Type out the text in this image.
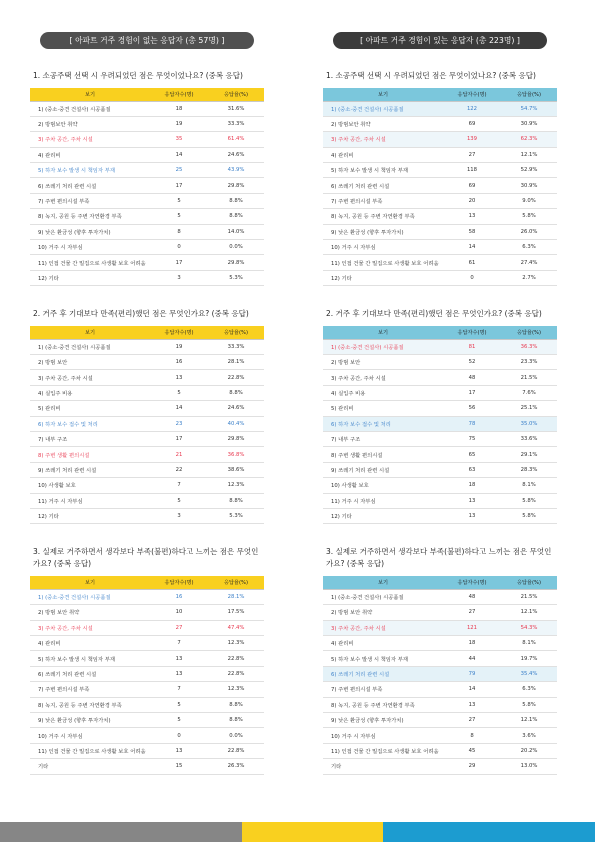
[ 아파트 거주 경험이 없는 응답자 (총 57명) ]
1. 소공주택 선택 시 우려되었던 점은 무엇이었나요? (중복 응답)
보기	응답자수(명)	응답율(%)
1) (중소·중견 건설사) 시공품질	18	31.6%
2) 방범보안 취약	19	33.3%
3) 주차 공간, 주차 시설	35	61.4%
4) 관리비	14	24.6%
5) 하자 보수 발생 시 책임자 부재	25	43.9%
6) 쓰레기 처리 관련 시설	17	29.8%
7) 주변 편의시설 부족	5	8.8%
8) 녹지, 공원 등 주변 자연환경 부족	5	8.8%
9) 낮은 환금성 (향후 투자가치)	8	14.0%
10) 거주 시 자부심	0	0.0%
11) 인접 건물 간 밀집으로 사생활 보호 어려움	17	29.8%
12) 기타	3	5.3%
2. 거주 후 기대보다 만족(편리)했던 점은 무엇인가요? (중복 응답)
보기	응답자수(명)	응답율(%)
1) (중소·중견 건설사) 시공품질	19	33.3%
2) 방범 보안	16	28.1%
3) 주차 공간, 주차 시설	13	22.8%
4) 실입주 비용	5	8.8%
5) 관리비	14	24.6%
6) 하자 보수 접수 및 처리	23	40.4%
7) 내부 구조	17	29.8%
8) 주변 생활 편의시설	21	36.8%
9) 쓰레기 처리 관련 시설	22	38.6%
10) 사생활 보호	7	12.3%
11) 거주 시 자부심	5	8.8%
12) 기타	3	5.3%
3. 실제로 거주하면서 생각보다 부족(불편)하다고 느끼는 점은 무엇인가요? (중복 응답)
보기	응답자수(명)	응답율(%)
1) (중소·중견 건설사) 시공품질	16	28.1%
2) 방범 보안 취약	10	17.5%
3) 주차 공간, 주차 시설	27	47.4%
4) 관리비	7	12.3%
5) 하자 보수 발생 시 책임자 부재	13	22.8%
6) 쓰레기 처리 관련 시설	13	22.8%
7) 주변 편의시설 부족	7	12.3%
8) 녹지, 공원 등 주변 자연환경 부족	5	8.8%
9) 낮은 환금성 (향후 투자가치)	5	8.8%
10) 거주 시 자부심	0	0.0%
11) 인접 건물 간 밀집으로 사생활 보호 어려움	13	22.8%
기타	15	26.3%
[ 아파트 거주 경험이 있는 응답자 (총 223명) ]
1. 소공주택 선택 시 우려되었던 점은 무엇이었나요? (중복 응답)
보기	응답자수(명)	응답율(%)
1) (중소·중견 건설사) 시공품질	122	54.7%
2) 방범보안 취약	69	30.9%
3) 주차 공간, 주차 시설	139	62.3%
4) 관리비	27	12.1%
5) 하자 보수 발생 시 책임자 부재	118	52.9%
6) 쓰레기 처리 관련 시설	69	30.9%
7) 주변 편의시설 부족	20	9.0%
8) 녹지, 공원 등 주변 자연환경 부족	13	5.8%
9) 낮은 환금성 (향후 투자가치)	58	26.0%
10) 거주 시 자부심	14	6.3%
11) 인접 건물 간 밀집으로 사생활 보호 어려움	61	27.4%
12) 기타	0	2.7%
2. 거주 후 기대보다 만족(편리)했던 점은 무엇인가요? (중복 응답)
보기	응답자수(명)	응답율(%)
1) (중소·중견 건설사) 시공품질	81	36.3%
2) 방범 보안	52	23.3%
3) 주차 공간, 주차 시설	48	21.5%
4) 실입주 비용	17	7.6%
5) 관리비	56	25.1%
6) 하자 보수 접수 및 처리	78	35.0%
7) 내부 구조	75	33.6%
8) 주변 생활 편의시설	65	29.1%
9) 쓰레기 처리 관련 시설	63	28.3%
10) 사생활 보호	18	8.1%
11) 거주 시 자부심	13	5.8%
12) 기타	13	5.8%
3. 실제로 거주하면서 생각보다 부족(불편)하다고 느끼는 점은 무엇인가요? (중복 응답)
보기	응답자수(명)	응답율(%)
1) (중소·중견 건설사) 시공품질	48	21.5%
2) 방범 보안 취약	27	12.1%
3) 주차 공간, 주차 시설	121	54.3%
4) 관리비	18	8.1%
5) 하자 보수 발생 시 책임자 부재	44	19.7%
6) 쓰레기 처리 관련 시설	79	35.4%
7) 주변 편의시설 부족	14	6.3%
8) 녹지, 공원 등 주변 자연환경 부족	13	5.8%
9) 낮은 환금성 (향후 투자가치)	27	12.1%
10) 거주 시 자부심	8	3.6%
11) 인접 건물 간 밀집으로 사생활 보호 어려움	45	20.2%
기타	29	13.0%
